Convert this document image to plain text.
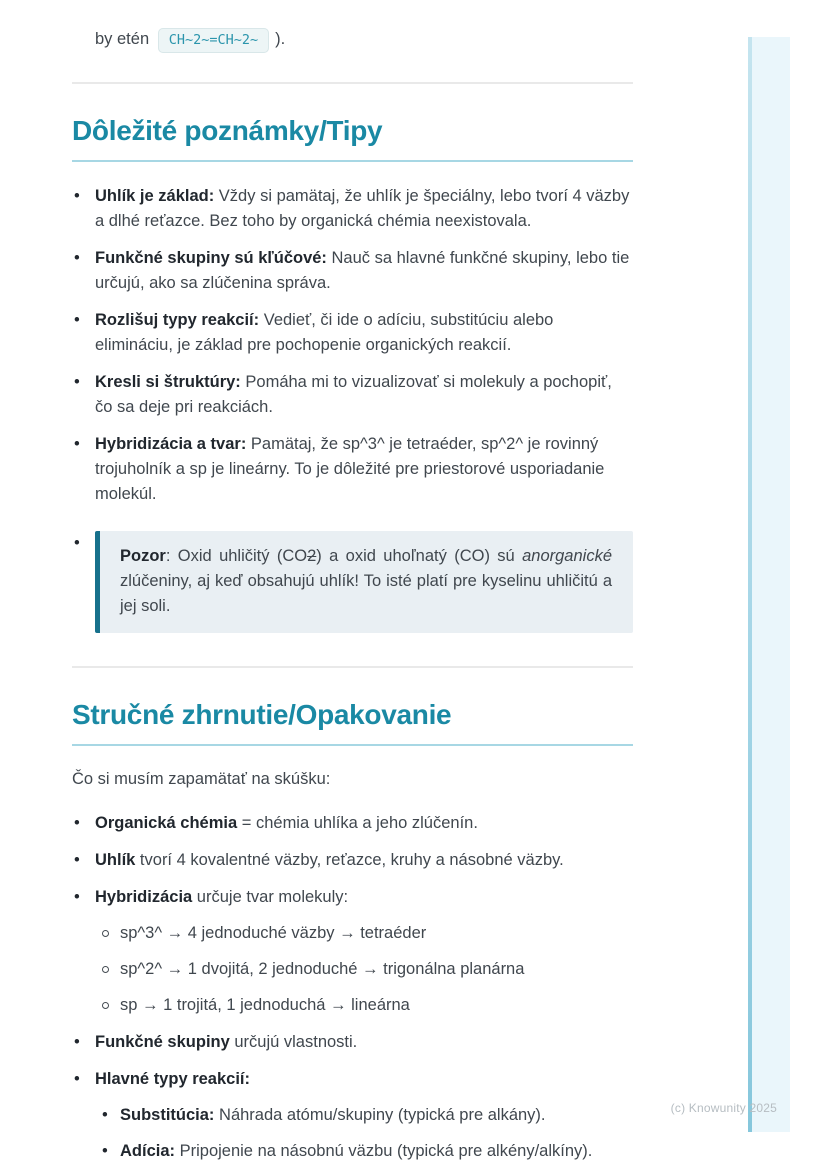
by etén CH~2~=CH~2~ ).

Dôležité poznámky/Tipy
• Uhlík je základ: Vždy si pamätaj, že uhlík je špeciálny, lebo tvorí 4 väzby a dlhé reťazce. Bez toho by organická chémia neexistovala.
• Funkčné skupiny sú kľúčové: Nauč sa hlavné funkčné skupiny, lebo tie určujú, ako sa zlúčenina správa.
• Rozlišuj typy reakcií: Vedieť, či ide o adíciu, substitúciu alebo elimináciu, je základ pre pochopenie organických reakcií.
• Kresli si štruktúry: Pomáha mi to vizualizovať si molekuly a pochopiť, čo sa deje pri reakciách.
• Hybridizácia a tvar: Pamätaj, že sp^3^ je tetraéder, sp^2^ je rovinný trojuholník a sp je lineárny. To je dôležité pre priestorové usporiadanie molekúl.
• Pozor: Oxid uhličitý (CO2) a oxid uhoľnatý (CO) sú anorganické zlúčeniny, aj keď obsahujú uhlík! To isté platí pre kyselinu uhličitú a jej soli.
Stručné zhrnutie/Opakovanie

Čo si musím zapamätať na skúšku:

• Organická chémia = chémia uhlíka a jeho zlúčenín.
• Uhlík tvorí 4 kovalentné väzby, reťazce, kruhy a násobné väzby.
• Hybridizácia určuje tvar molekuly:
sp^3^ → 4 jednoduché väzby → tetraéder
sp^2^ → 1 dvojitá, 2 jednoduché → trigonálna planárna
sp → 1 trojitá, 1 jednoduchá → lineárna
• Funkčné skupiny určujú vlastnosti.
• Hlavné typy reakcií:
• Substitúcia: Náhrada atómu/skupiny (typická pre alkány).
• Adícia: Pripojenie na násobnú väzbu (typická pre alkény/alkíny).
(c) Knowunity 2025
